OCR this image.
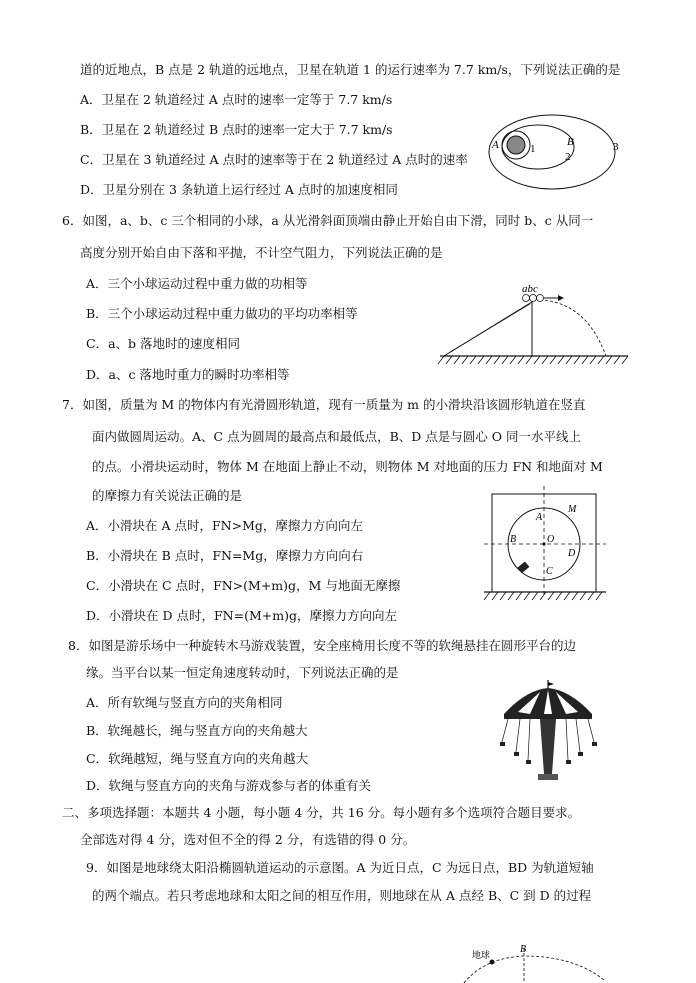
道的近地点，B 点是 2 轨道的远地点，卫星在轨道 1 的运行速率为 7.7 km/s，下列说法正确的是
A．卫星在 2 轨道经过 A 点时的速率一定等于 7.7 km/s
B．卫星在 2 轨道经过 B 点时的速率一定大于 7.7 km/s
C．卫星在 3 轨道经过 A 点时的速率等于在 2 轨道经过 A 点时的速率
D．卫星分别在 3 条轨道上运行经过 A 点时的加速度相同
A	B
1
2
3
6．如图，a、b、c 三个相同的小球，a 从光滑斜面顶端由静止开始自由下滑，同时 b、c 从同一
高度分别开始自由下落和平抛，不计空气阻力，下列说法正确的是
A．三个小球运动过程中重力做的功相等
B．三个小球运动过程中重力做功的平均功率相等
C．a、b 落地时的速度相同
D．a、c 落地时重力的瞬时功率相等
abc
7．如图，质量为 M 的物体内有光滑圆形轨道，现有一质量为 m 的小滑块沿该圆形轨道在竖直
面内做圆周运动。A、C 点为圆周的最高点和最低点，B、D 点是与圆心 O 同一水平线上
的点。小滑块运动时，物体 M 在地面上静止不动，则物体 M 对地面的压力 FN 和地面对 M
的摩擦力有关说法正确的是
A．小滑块在 A 点时，FN>Mg，摩擦力方向向左
B．小滑块在 B 点时，FN=Mg，摩擦力方向向右
C．小滑块在 C 点时，FN>(M+m)g，M 与地面无摩擦
D．小滑块在 D 点时，FN=(M+m)g，摩擦力方向向左
M
A
B	O
D
C
8．如图是游乐场中一种旋转木马游戏装置，安全座椅用长度不等的软绳悬挂在圆形平台的边
缘。当平台以某一恒定角速度转动时，下列说法正确的是
A．所有软绳与竖直方向的夹角相同
B．软绳越长，绳与竖直方向的夹角越大
C．软绳越短，绳与竖直方向的夹角越大
D．软绳与竖直方向的夹角与游戏参与者的体重有关
二、多项选择题：本题共 4 小题，每小题 4 分，共 16 分。每小题有多个选项符合题目要求。
全部选对得 4 分，选对但不全的得 2 分，有选错的得 0 分。
9．如图是地球绕太阳沿椭圆轨道运动的示意图。A 为近日点，C 为远日点，BD 为轨道短轴
的两个端点。若只考虑地球和太阳之间的相互作用，则地球在从 A 点经 B、C 到 D 的过程
地球	B
